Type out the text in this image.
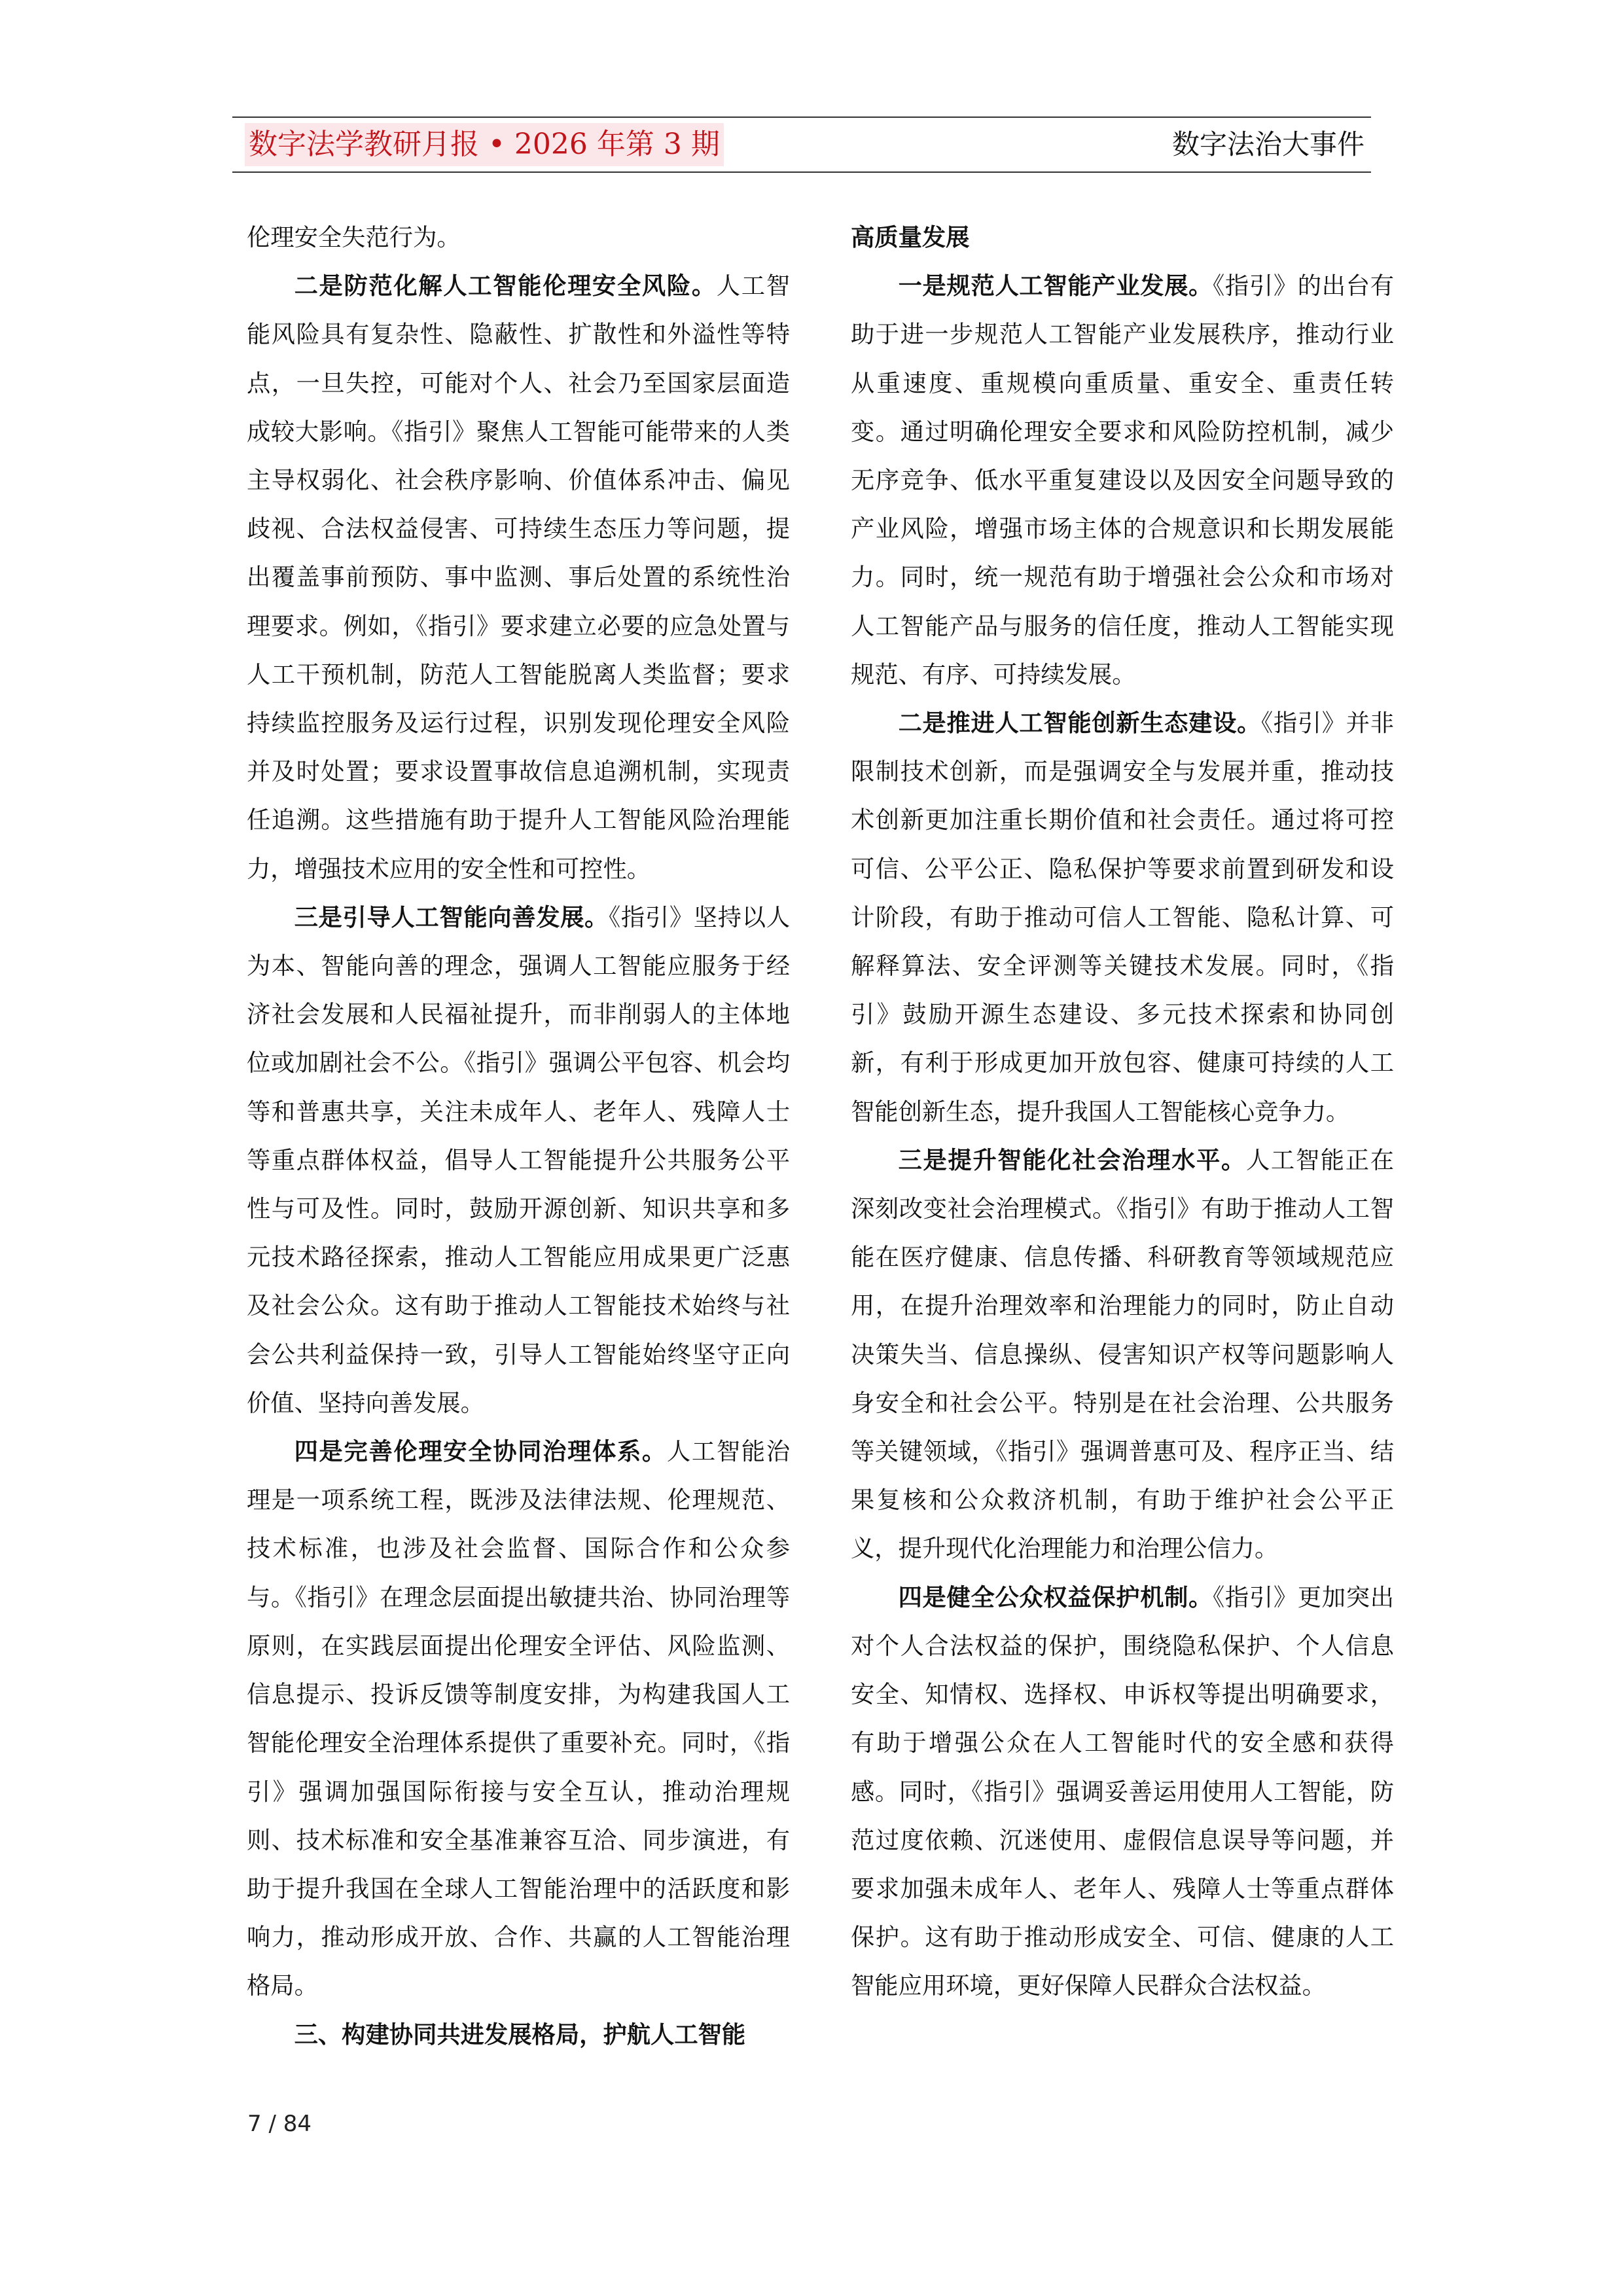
数字法学教研月报 • 2026 年第 3 期	数字法治大事件

伦理安全失范行为。

二是防范化解人工智能伦理安全风险。人工智能风险具有复杂性、隐蔽性、扩散性和外溢性等特点，一旦失控，可能对个人、社会乃至国家层面造成较大影响。《指引》聚焦人工智能可能带来的人类主导权弱化、社会秩序影响、价值体系冲击、偏见歧视、合法权益侵害、可持续生态压力等问题，提出覆盖事前预防、事中监测、事后处置的系统性治理要求。例如，《指引》要求建立必要的应急处置与人工干预机制，防范人工智能脱离人类监督；要求持续监控服务及运行过程，识别发现伦理安全风险并及时处置；要求设置事故信息追溯机制，实现责任追溯。这些措施有助于提升人工智能风险治理能力，增强技术应用的安全性和可控性。

三是引导人工智能向善发展。《指引》坚持以人为本、智能向善的理念，强调人工智能应服务于经济社会发展和人民福祉提升，而非削弱人的主体地位或加剧社会不公。《指引》强调公平包容、机会均等和普惠共享，关注未成年人、老年人、残障人士等重点群体权益，倡导人工智能提升公共服务公平性与可及性。同时，鼓励开源创新、知识共享和多元技术路径探索，推动人工智能应用成果更广泛惠及社会公众。这有助于推动人工智能技术始终与社会公共利益保持一致，引导人工智能始终坚守正向价值、坚持向善发展。

四是完善伦理安全协同治理体系。人工智能治理是一项系统工程，既涉及法律法规、伦理规范、技术标准，也涉及社会监督、国际合作和公众参与。《指引》在理念层面提出敏捷共治、协同治理等原则，在实践层面提出伦理安全评估、风险监测、信息提示、投诉反馈等制度安排，为构建我国人工智能伦理安全治理体系提供了重要补充。同时，《指引》强调加强国际衔接与安全互认，推动治理规则、技术标准和安全基准兼容互洽、同步演进，有助于提升我国在全球人工智能治理中的活跃度和影响力，推动形成开放、合作、共赢的人工智能治理格局。

三、构建协同共进发展格局，护航人工智能

高质量发展

一是规范人工智能产业发展。《指引》的出台有助于进一步规范人工智能产业发展秩序，推动行业从重速度、重规模向重质量、重安全、重责任转变。通过明确伦理安全要求和风险防控机制，减少无序竞争、低水平重复建设以及因安全问题导致的产业风险，增强市场主体的合规意识和长期发展能力。同时，统一规范有助于增强社会公众和市场对人工智能产品与服务的信任度，推动人工智能实现规范、有序、可持续发展。

二是推进人工智能创新生态建设。《指引》并非限制技术创新，而是强调安全与发展并重，推动技术创新更加注重长期价值和社会责任。通过将可控可信、公平公正、隐私保护等要求前置到研发和设计阶段，有助于推动可信人工智能、隐私计算、可解释算法、安全评测等关键技术发展。同时，《指引》鼓励开源生态建设、多元技术探索和协同创新，有利于形成更加开放包容、健康可持续的人工智能创新生态，提升我国人工智能核心竞争力。

三是提升智能化社会治理水平。人工智能正在深刻改变社会治理模式。《指引》有助于推动人工智能在医疗健康、信息传播、科研教育等领域规范应用，在提升治理效率和治理能力的同时，防止自动决策失当、信息操纵、侵害知识产权等问题影响人身安全和社会公平。特别是在社会治理、公共服务等关键领域，《指引》强调普惠可及、程序正当、结果复核和公众救济机制，有助于维护社会公平正义，提升现代化治理能力和治理公信力。

四是健全公众权益保护机制。《指引》更加突出对个人合法权益的保护，围绕隐私保护、个人信息安全、知情权、选择权、申诉权等提出明确要求，有助于增强公众在人工智能时代的安全感和获得感。同时，《指引》强调妥善运用使用人工智能，防范过度依赖、沉迷使用、虚假信息误导等问题，并要求加强未成年人、老年人、残障人士等重点群体保护。这有助于推动形成安全、可信、健康的人工智能应用环境，更好保障人民群众合法权益。

7 / 84
